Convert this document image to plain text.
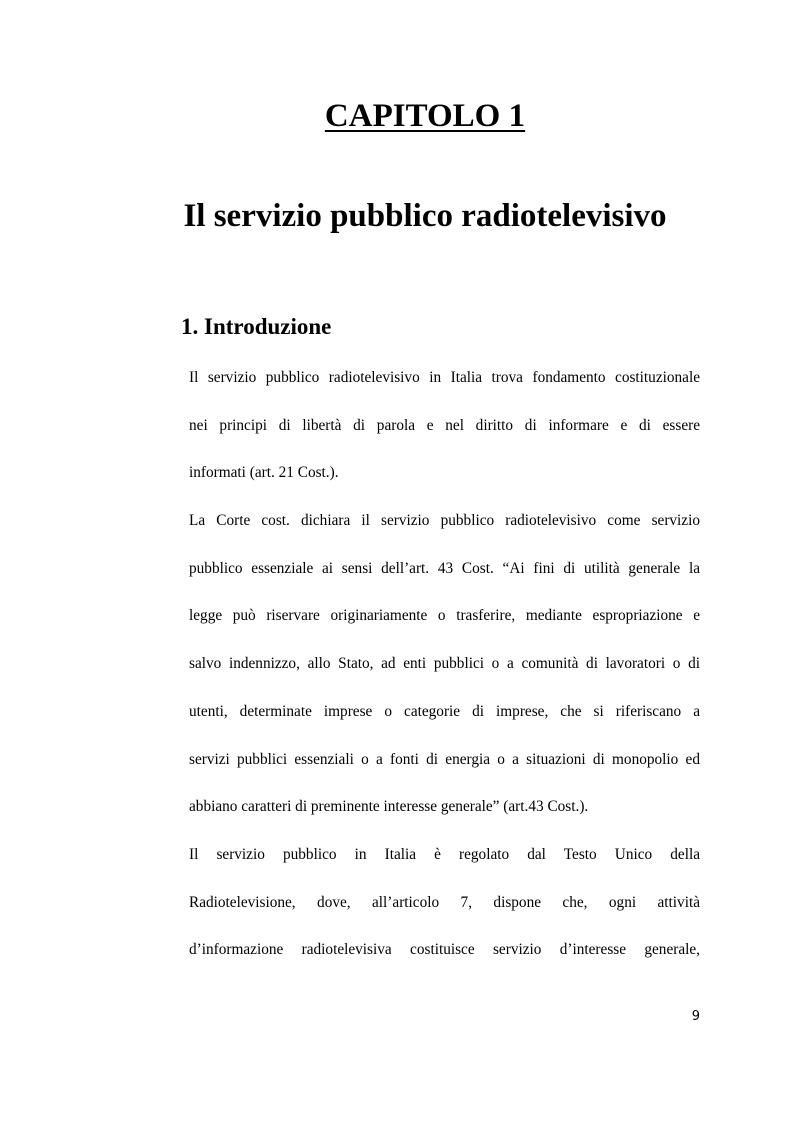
CAPITOLO 1
Il servizio pubblico radiotelevisivo
1. Introduzione
Il servizio pubblico radiotelevisivo in Italia trova fondamento costituzionale
nei principi di libertà di parola e nel diritto di informare e di essere
informati (art. 21 Cost.).
La Corte cost. dichiara il servizio pubblico radiotelevisivo come servizio
pubblico essenziale ai sensi dell’art. 43 Cost. “Ai fini di utilità generale la
legge può riservare originariamente o trasferire, mediante espropriazione e
salvo indennizzo, allo Stato, ad enti pubblici o a comunità di lavoratori o di
utenti, determinate imprese o categorie di imprese, che si riferiscano a
servizi pubblici essenziali o a fonti di energia o a situazioni di monopolio ed
abbiano caratteri di preminente interesse generale” (art.43 Cost.).
Il servizio pubblico in Italia è regolato dal Testo Unico della
Radiotelevisione, dove, all’articolo 7, dispone che, ogni attività
d’informazione radiotelevisiva costituisce servizio d’interesse generale,
9
